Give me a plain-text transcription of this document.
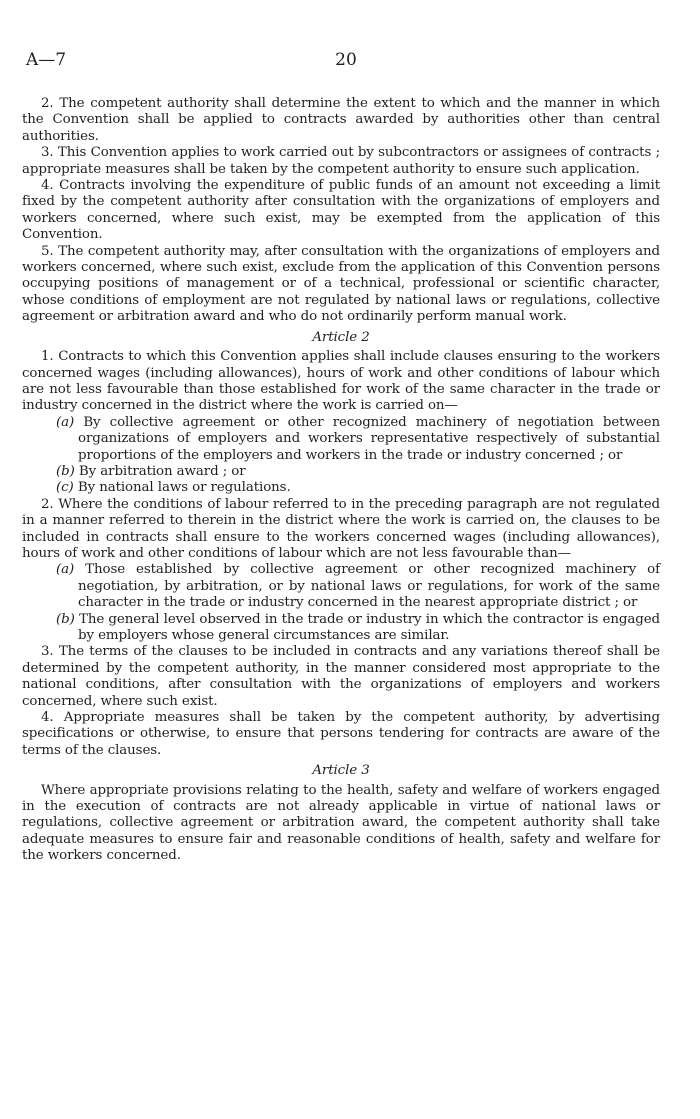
A—7	20

2. The competent authority shall determine the extent to which and the manner in which the Convention shall be applied to contracts awarded by authorities other than central authorities.

3. This Convention applies to work carried out by subcontractors or assignees of contracts ; appropriate measures shall be taken by the competent authority to ensure such application.

4. Contracts involving the expenditure of public funds of an amount not exceeding a limit fixed by the competent authority after consultation with the organizations of employers and workers concerned, where such exist, may be exempted from the application of this Convention.

5. The competent authority may, after consultation with the organizations of employers and workers concerned, where such exist, exclude from the application of this Convention persons occupying positions of management or of a technical, professional or scientific character, whose conditions of employment are not regulated by national laws or regulations, collective agreement or arbitration award and who do not ordinarily perform manual work.

Article 2

1. Contracts to which this Convention applies shall include clauses ensuring to the workers concerned wages (including allowances), hours of work and other conditions of labour which are not less favourable than those established for work of the same character in the trade or industry concerned in the district where the work is carried on—

(a) By collective agreement or other recognized machinery of negotiation between organizations of employers and workers representative respectively of substantial proportions of the employers and workers in the trade or industry concerned ; or

(b) By arbitration award ; or

(c) By national laws or regulations.

2. Where the conditions of labour referred to in the preceding paragraph are not regulated in a manner referred to therein in the district where the work is carried on, the clauses to be included in contracts shall ensure to the workers concerned wages (including allowances), hours of work and other conditions of labour which are not less favourable than—

(a) Those established by collective agreement or other recognized machinery of negotiation, by arbitration, or by national laws or regulations, for work of the same character in the trade or industry concerned in the nearest appropriate district ; or

(b) The general level observed in the trade or industry in which the contractor is engaged by employers whose general circumstances are similar.

3. The terms of the clauses to be included in contracts and any variations thereof shall be determined by the competent authority, in the manner considered most appropriate to the national conditions, after consultation with the organizations of employers and workers concerned, where such exist.

4. Appropriate measures shall be taken by the competent authority, by advertising specifications or otherwise, to ensure that persons tendering for contracts are aware of the terms of the clauses.

Article 3

Where appropriate provisions relating to the health, safety and welfare of workers engaged in the execution of contracts are not already applicable in virtue of national laws or regulations, collective agreement or arbitration award, the competent authority shall take adequate measures to ensure fair and reasonable conditions of health, safety and welfare for the workers concerned.
